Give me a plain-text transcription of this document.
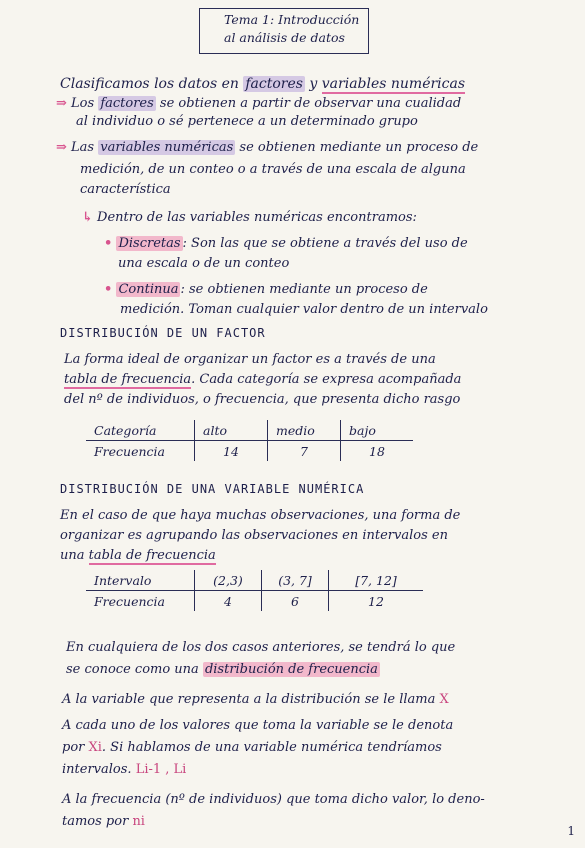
Tema 1: Introducción
al análisis de datos
Clasificamos los datos en factores y variables numéricas
⇒ Los factores se obtienen a partir de observar una cualidad
al individuo o sé pertenece a un determinado grupo
⇒ Las variables numéricas se obtienen mediante un proceso de
medición, de un conteo o a través de una escala de alguna
característica
↳ Dentro de las variables numéricas encontramos:
• Discretas : Son las que se obtiene a través del uso de
una escala o de un conteo
• Continua : se obtienen mediante un proceso de
medición. Toman cualquier valor dentro de un intervalo
DISTRIBUCIÓN DE UN FACTOR
La forma ideal de organizar un factor es a través de una
tabla de frecuencia. Cada categoría se expresa acompañada
del nº de individuos, o frecuencia, que presenta dicho rasgo
Categoría	alto	medio	bajo
Frecuencia	14	7	18
DISTRIBUCIÓN DE UNA VARIABLE NUMÉRICA
En el caso de que haya muchas observaciones, una forma de
organizar es agrupando las observaciones en intervalos en
una tabla de frecuencia
Intervalo	(2,3)	(3, 7]	[7, 12]
Frecuencia	4	6	12
En cualquiera de los dos casos anteriores, se tendrá lo que
se conoce como una distribución de frecuencia
A la variable que representa a la distribución se le llama X
A cada uno de los valores que toma la variable se le denota
por Xi. Si hablamos de una variable numérica tendríamos
intervalos. Li-1 , Li
A la frecuencia (nº de individuos) que toma dicho valor, lo deno-
tamos por ni
1
